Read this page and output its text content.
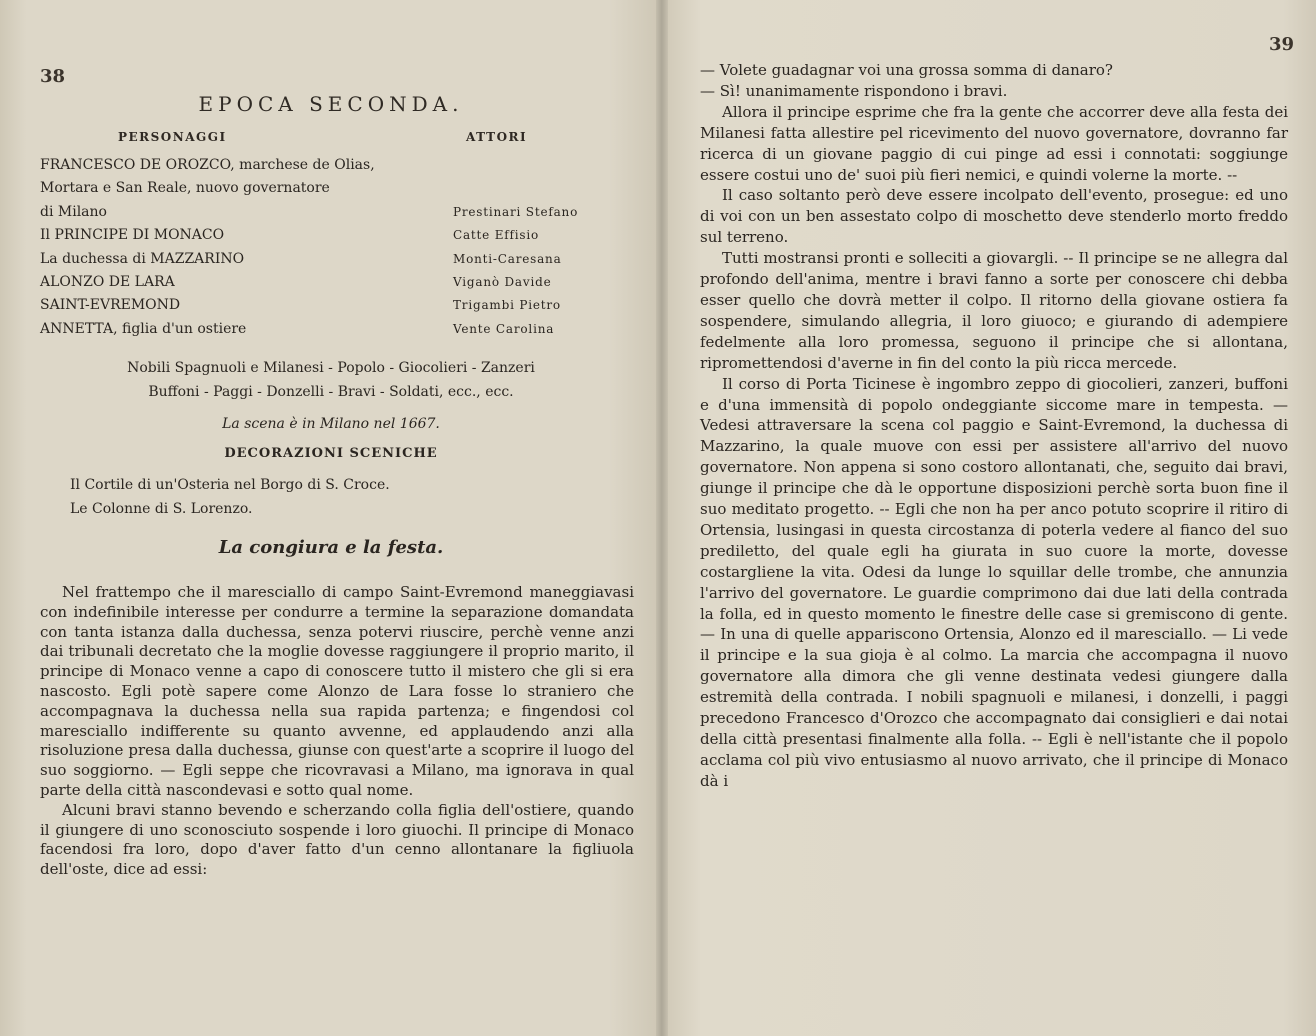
38
EPOCA SECONDA.
PERSONAGGI	ATTORI
FRANCESCO DE OROZCO, marchese de Olias,
Mortara e San Reale, nuovo governatore
di Milano	Prestinari Stefano
Il PRINCIPE DI MONACO	Catte Effisio
La duchessa di MAZZARINO	Monti-Caresana
ALONZO DE LARA	Viganò Davide
SAINT-EVREMOND	Trigambi Pietro
ANNETTA, figlia d'un ostiere	Vente Carolina
Nobili Spagnuoli e Milanesi - Popolo - Giocolieri - Zanzeri
Buffoni - Paggi - Donzelli - Bravi - Soldati, ecc., ecc.
La scena è in Milano nel 1667.
DECORAZIONI SCENICHE
Il Cortile di un'Osteria nel Borgo di S. Croce.
Le Colonne di S. Lorenzo.
La congiura e la festa.

Nel frattempo che il maresciallo di campo Saint-Evremond maneggiavasi con indefinibile interesse per condurre a termine la separazione domandata con tanta istanza dalla duchessa, senza potervi riuscire, perchè venne anzi dai tribunali decretato che la moglie dovesse raggiungere il proprio marito, il principe di Monaco venne a capo di conoscere tutto il mistero che gli si era nascosto. Egli potè sapere come Alonzo de Lara fosse lo straniero che accompagnava la duchessa nella sua rapida partenza; e fingendosi col maresciallo indifferente su quanto avvenne, ed applaudendo anzi alla risoluzione presa dalla duchessa, giunse con quest'arte a scoprire il luogo del suo soggiorno. — Egli seppe che ricovravasi a Milano, ma ignorava in qual parte della città nascondevasi e sotto qual nome.

Alcuni bravi stanno bevendo e scherzando colla figlia dell'ostiere, quando il giungere di uno sconosciuto sospende i loro giuochi. Il principe di Monaco facendosi fra loro, dopo d'aver fatto d'un cenno allontanare la figliuola dell'oste, dice ad essi:

39

— Volete guadagnar voi una grossa somma di danaro?

— Sì! unanimamente rispondono i bravi.

Allora il principe esprime che fra la gente che accorrer deve alla festa dei Milanesi fatta allestire pel ricevimento del nuovo governatore, dovranno far ricerca di un giovane paggio di cui pinge ad essi i connotati: soggiunge essere costui uno de' suoi più fieri nemici, e quindi volerne la morte. --

Il caso soltanto però deve essere incolpato dell'evento, prosegue: ed uno di voi con un ben assestato colpo di moschetto deve stenderlo morto freddo sul terreno.

Tutti mostransi pronti e solleciti a giovargli. -- Il principe se ne allegra dal profondo dell'anima, mentre i bravi fanno a sorte per conoscere chi debba esser quello che dovrà metter il colpo. Il ritorno della giovane ostiera fa sospendere, simulando allegria, il loro giuoco; e giurando di adempiere fedelmente alla loro promessa, seguono il principe che si allontana, ripromettendosi d'averne in fin del conto la più ricca mercede.

Il corso di Porta Ticinese è ingombro zeppo di giocolieri, zanzeri, buffoni e d'una immensità di popolo ondeggiante siccome mare in tempesta. — Vedesi attraversare la scena col paggio e Saint-Evremond, la duchessa di Mazzarino, la quale muove con essi per assistere all'arrivo del nuovo governatore. Non appena si sono costoro allontanati, che, seguito dai bravi, giunge il principe che dà le opportune disposizioni perchè sorta buon fine il suo meditato progetto. -- Egli che non ha per anco potuto scoprire il ritiro di Ortensia, lusingasi in questa circostanza di poterla vedere al fianco del suo prediletto, del quale egli ha giurata in suo cuore la morte, dovesse costargliene la vita. Odesi da lunge lo squillar delle trombe, che annunzia l'arrivo del governatore. Le guardie comprimono dai due lati della contrada la folla, ed in questo momento le finestre delle case si gremiscono di gente. — In una di quelle appariscono Ortensia, Alonzo ed il maresciallo. — Li vede il principe e la sua gioja è al colmo. La marcia che accompagna il nuovo governatore alla dimora che gli venne destinata vedesi giungere dalla estremità della contrada. I nobili spagnuoli e milanesi, i donzelli, i paggi precedono Francesco d'Orozco che accompagnato dai consiglieri e dai notai della città presentasi finalmente alla folla. -- Egli è nell'istante che il popolo acclama col più vivo entusiasmo al nuovo arrivato, che il principe di Monaco dà i
